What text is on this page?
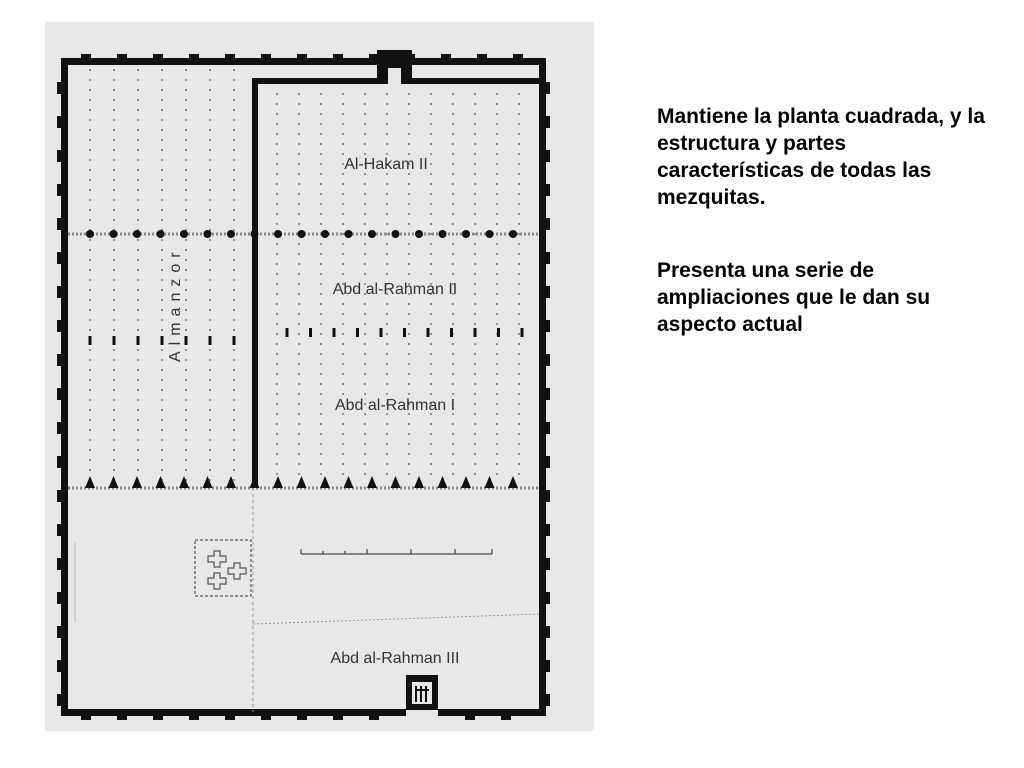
Al-Hakam II
Abd al-Rahman II
Abd al-Rahman I
Almanzor
Abd al-Rahman III

Mantiene la planta cuadrada, y la estructura y partes características de todas las mezquitas.

Presenta una serie de ampliaciones que le dan su aspecto actual
